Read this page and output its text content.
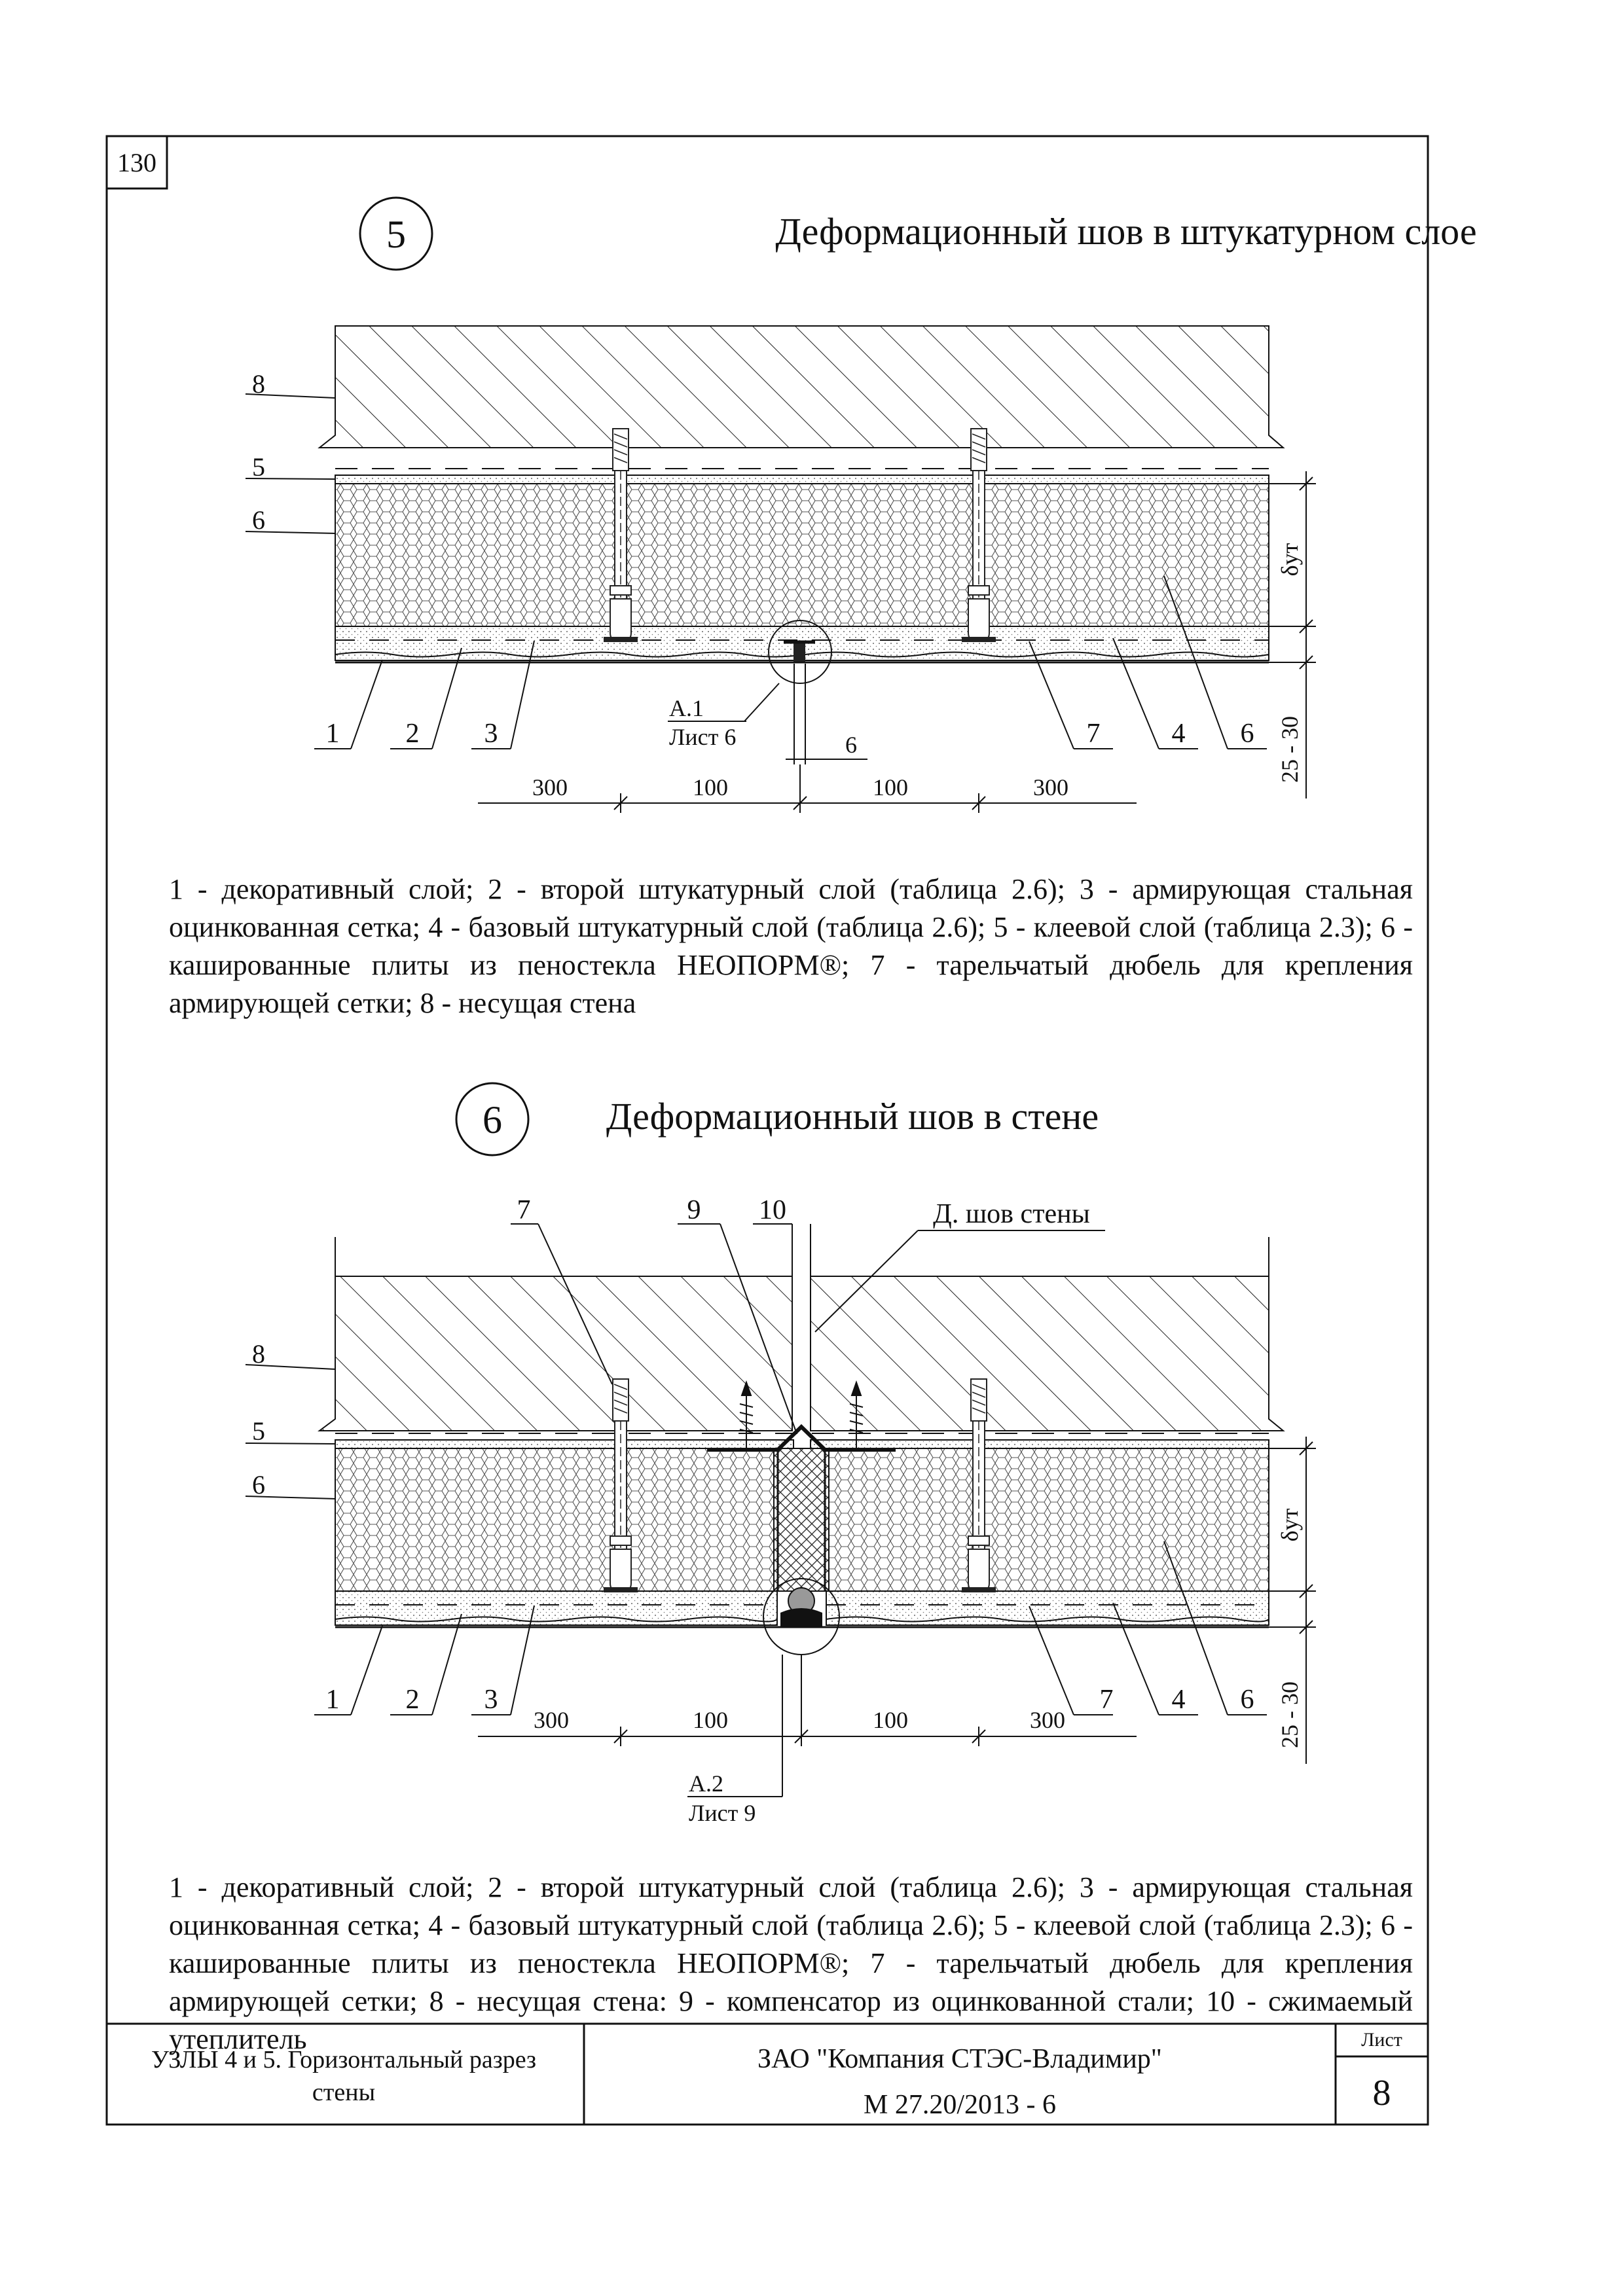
130
5	Деформационный шов в штукатурном слое
А.1
Лист 6	6
8
5
6
1 2 3	7	4 6
300	100	100	300
δут
25 - 30
6	Деформационный шов в стене
7	9 10	Д. шов стены
8
5
6
1 2 3	7 4 6
300	100	100	300
А.2
Лист 9
δут
25 - 30
1 - декоративный слой; 2 - второй штукатурный слой (таблица 2.6); 3 - армирующая стальная оцинкованная сетка; 4 - базовый штукатурный слой (таблица 2.6); 5 - клеевой слой (таблица 2.3); 6 - кашированные плиты из пеностекла НЕОПОРМ®; 7 - тарельчатый дюбель для крепления армирующей сетки; 8 - несущая стена
1 - декоративный слой; 2 - второй штукатурный слой (таблица 2.6); 3 - армирующая стальная оцинкованная сетка; 4 - базовый штукатурный слой (таблица 2.6); 5 - клеевой слой (таблица 2.3); 6 - кашированные плиты из пеностекла НЕОПОРМ®; 7 - тарельчатый дюбель для крепления армирующей сетки; 8 - несущая стена: 9 - компенсатор из оцинкованной стали; 10 - сжимаемый утеплитель
УЗЛЫ 4 и 5. Горизонтальный разрез стены
ЗАО "Компания СТЭС-Владимир"
М 27.20/2013 - 6
Лист
8
